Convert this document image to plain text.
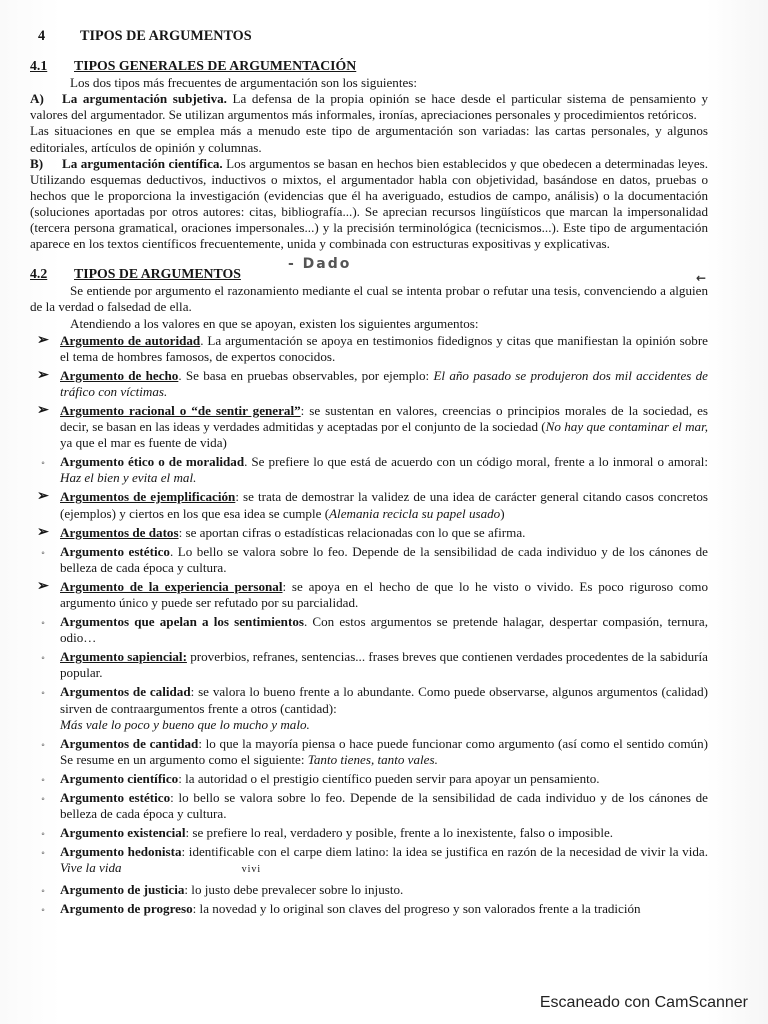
4 TIPOS DE ARGUMENTOS
4.1 TIPOS GENERALES DE ARGUMENTACIÓN

Los dos tipos más frecuentes de argumentación son los siguientes:

A) La argumentación subjetiva. La defensa de la propia opinión se hace desde el particular sistema de pensamiento y valores del argumentador. Se utilizan argumentos más informales, ironías, apreciaciones personales y procedimientos retóricos.

Las situaciones en que se emplea más a menudo este tipo de argumentación son variadas: las cartas personales, y algunos editoriales, artículos de opinión y columnas.

B) La argumentación científica. Los argumentos se basan en hechos bien establecidos y que obedecen a determinadas leyes. Utilizando esquemas deductivos, inductivos o mixtos, el argumentador habla con objetividad, basándose en datos, pruebas o hechos que le proporciona la investigación (evidencias que él ha averiguado, estudios de campo, análisis) o la documentación (soluciones aportadas por otros autores: citas, bibliografía...). Se aprecian recursos lingüísticos que marcan la impersonalidad (tercera persona gramatical, oraciones impersonales...) y la precisión terminológica (tecnicismos...). Este tipo de argumentación aparece en los textos científicos frecuentemente, unida y combinada con estructuras expositivas y explicativas.

4.2 TIPOS DE ARGUMENTOS
- Dado
←

Se entiende por argumento el razonamiento mediante el cual se intenta probar o refutar una tesis, convenciendo a alguien de la verdad o falsedad de ella.

Atendiendo a los valores en que se apoyan, existen los siguientes argumentos:

➢ Argumento de autoridad. La argumentación se apoya en testimonios fidedignos y citas que manifiestan la opinión sobre el tema de hombres famosos, de expertos conocidos.
➢ Argumento de hecho. Se basa en pruebas observables, por ejemplo: El año pasado se produjeron dos mil accidentes de tráfico con víctimas.
➢ Argumento racional o “de sentir general”: se sustentan en valores, creencias o principios morales de la sociedad, es decir, se basan en las ideas y verdades admitidas y aceptadas por el conjunto de la sociedad (No hay que contaminar el mar, ya que el mar es fuente de vida)
◦	Argumento ético o de moralidad. Se prefiere lo que está de acuerdo con un código moral, frente a lo inmoral o amoral: Haz el bien y evita el mal.
➢ Argumentos de ejemplificación: se trata de demostrar la validez de una idea de carácter general citando casos concretos (ejemplos) y ciertos en los que esa idea se cumple (Alemania recicla su papel usado)
➢ Argumentos de datos: se aportan cifras o estadísticas relacionadas con lo que se afirma.
◦	Argumento estético. Lo bello se valora sobre lo feo. Depende de la sensibilidad de cada individuo y de los cánones de belleza de cada época y cultura.
➢ Argumento de la experiencia personal: se apoya en el hecho de que lo he visto o vivido. Es poco riguroso como argumento único y puede ser refutado por su parcialidad.
◦	Argumentos que apelan a los sentimientos. Con estos argumentos se pretende halagar, despertar compasión, ternura, odio…
◦	Argumento sapiencial: proverbios, refranes, sentencias... frases breves que contienen verdades procedentes de la sabiduría popular.
◦	Argumentos de calidad: se valora lo bueno frente a lo abundante. Como puede observarse, algunos argumentos (calidad) sirven de contraargumentos frente a otros (cantidad):
Más vale lo poco y bueno que lo mucho y malo.
◦	Argumentos de cantidad: lo que la mayoría piensa o hace puede funcionar como argumento (así como el sentido común) Se resume en un argumento como el siguiente: Tanto tienes, tanto vales.
◦	Argumento científico: la autoridad o el prestigio científico pueden servir para apoyar un pensamiento.
◦	Argumento estético: lo bello se valora sobre lo feo. Depende de la sensibilidad de cada individuo y de los cánones de belleza de cada época y cultura.
◦	Argumento existencial: se prefiere lo real, verdadero y posible, frente a lo inexistente, falso o imposible.
◦	Argumento hedonista: identificable con el carpe diem latino: la idea se justifica en razón de la necesidad de vivir la vida. Vive la vida	vivi
◦	Argumento de justicia: lo justo debe prevalecer sobre lo injusto.
◦	Argumento de progreso: la novedad y lo original son claves del progreso y son valorados frente a la tradición
Escaneado con CamScanner
